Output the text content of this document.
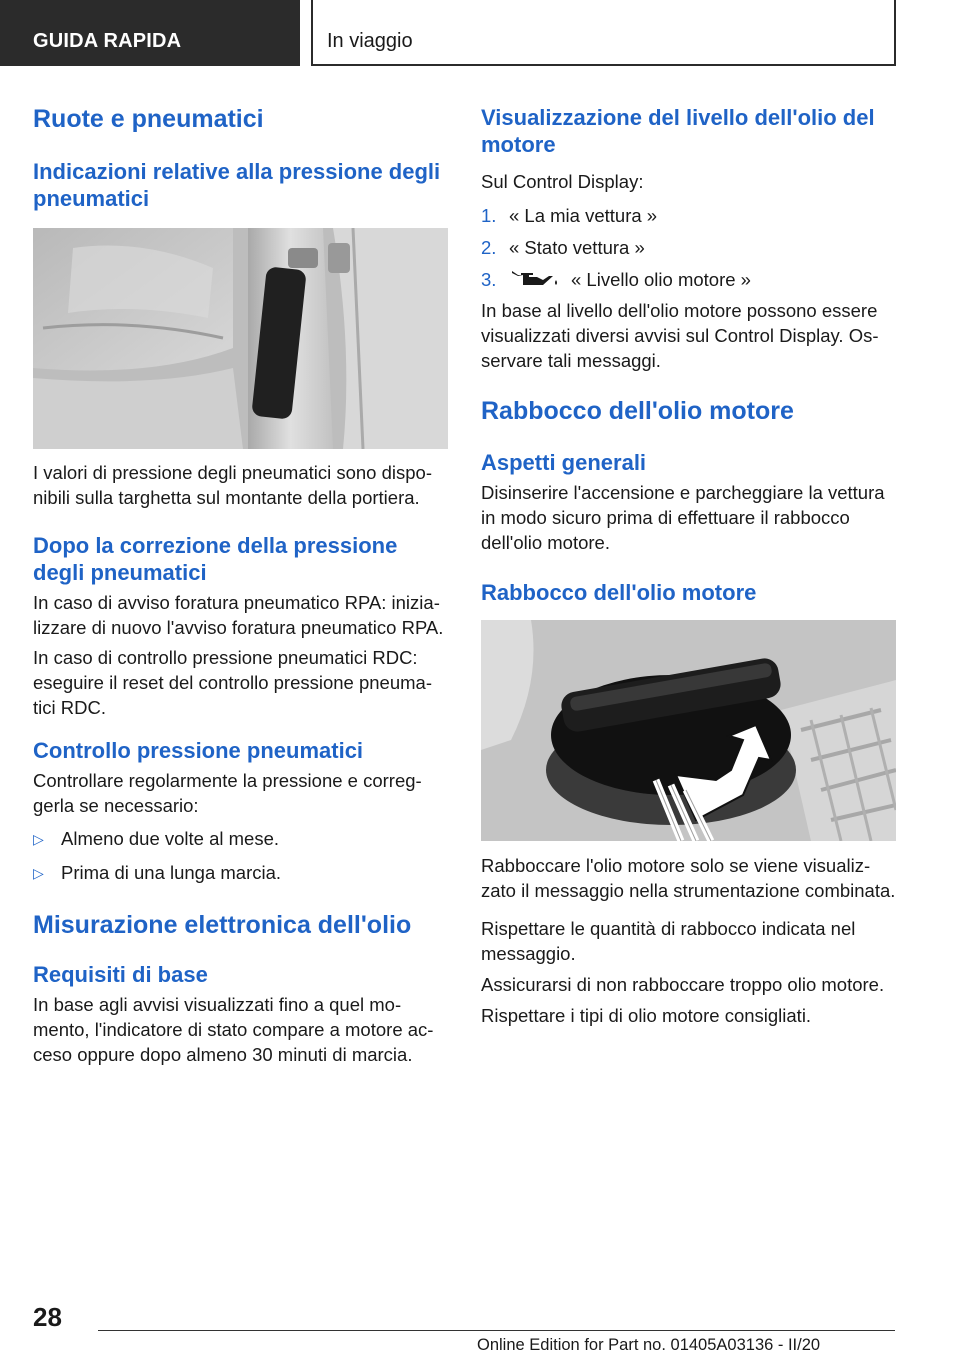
GUIDA RAPIDA	In viaggio
Ruote e pneumatici
Indicazioni relative alla pressione degli pneumatici

I valori di pressione degli pneumatici sono disponibili sulla targhetta sul montante della portiera.

Dopo la correzione della pressione degli pneumatici

In caso di avviso foratura pneumatico RPA: inizializzare di nuovo l'avviso foratura pneumatico RPA.

In caso di controllo pressione pneumatici RDC: eseguire il reset del controllo pressione pneumatici RDC.

Controllo pressione pneumatici

Controllare regolarmente la pressione e correggerla se necessario:

▷ Almeno due volte al mese.
▷ Prima di una lunga marcia.
Misurazione elettronica dell'olio
Requisiti di base

In base agli avvisi visualizzati fino a quel momento, l'indicatore di stato compare a motore acceso oppure dopo almeno 30 minuti di marcia.

Visualizzazione del livello dell'olio del motore

Sul Control Display:

1. « La mia vettura »
2. « Stato vettura »
3.	« Livello olio motore »

In base al livello dell'olio motore possono essere visualizzati diversi avvisi sul Control Display. Osservare tali messaggi.

Rabbocco dell'olio motore
Aspetti generali

Disinserire l'accensione e parcheggiare la vettura in modo sicuro prima di effettuare il rabbocco dell'olio motore.

Rabbocco dell'olio motore

Rabboccare l'olio motore solo se viene visualizzato il messaggio nella strumentazione combinata.

Rispettare le quantità di rabbocco indicata nel messaggio.

Assicurarsi di non rabboccare troppo olio motore.

Rispettare i tipi di olio motore consigliati.

28
Online Edition for Part no. 01405A03136 - II/20
